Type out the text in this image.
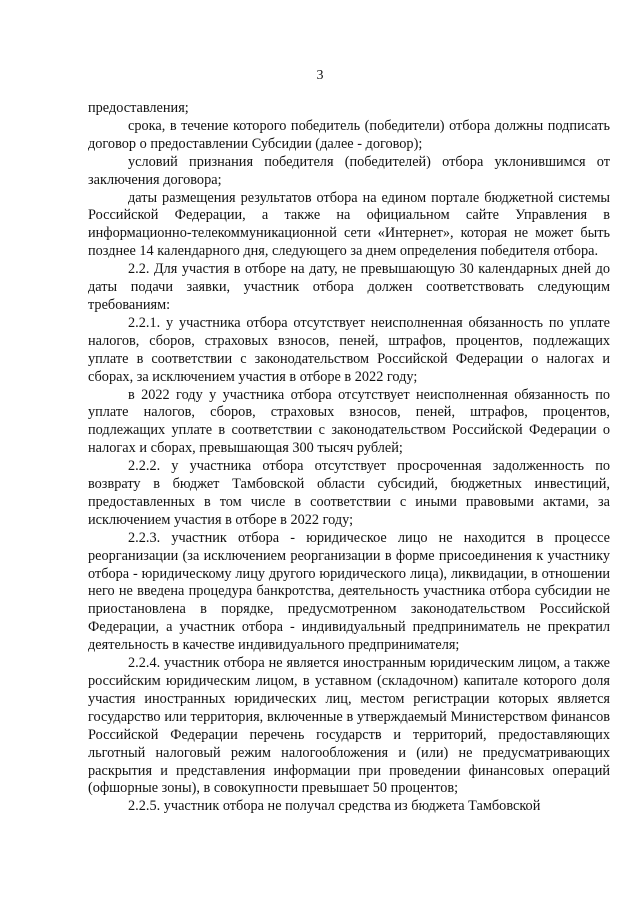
3

предоставления;

срока, в течение которого победитель (победители) отбора должны подписать договор о предоставлении Субсидии (далее - договор);

условий признания победителя (победителей) отбора уклонившимся от заключения договора;

даты размещения результатов отбора на едином портале бюджетной системы Российской Федерации, а также на официальном сайте Управления в информационно-телекоммуникационной сети «Интернет», которая не может быть позднее 14 календарного дня, следующего за днем определения победителя отбора.

2.2. Для участия в отборе на дату, не превышающую 30 календарных дней до даты подачи заявки, участник отбора должен соответствовать следующим требованиям:

2.2.1. у участника отбора отсутствует неисполненная обязанность по уплате налогов, сборов, страховых взносов, пеней, штрафов, процентов, подлежащих уплате в соответствии с законодательством Российской Федерации о налогах и сборах, за исключением участия в отборе в 2022 году;

в 2022 году у участника отбора отсутствует неисполненная обязанность по уплате налогов, сборов, страховых взносов, пеней, штрафов, процентов, подлежащих уплате в соответствии с законодательством Российской Федерации о налогах и сборах, превышающая 300 тысяч рублей;

2.2.2. у участника отбора отсутствует просроченная задолженность по возврату в бюджет Тамбовской области субсидий, бюджетных инвестиций, предоставленных в том числе в соответствии с иными правовыми актами, за исключением участия в отборе в 2022 году;

2.2.3. участник отбора - юридическое лицо не находится в процессе реорганизации (за исключением реорганизации в форме присоединения к участнику отбора - юридическому лицу другого юридического лица), ликвидации, в отношении него не введена процедура банкротства, деятельность участника отбора субсидии не приостановлена в порядке, предусмотренном законодательством Российской Федерации, а участник отбора - индивидуальный предприниматель не прекратил деятельность в качестве индивидуального предпринимателя;

2.2.4. участник отбора не является иностранным юридическим лицом, а также российским юридическим лицом, в уставном (складочном) капитале которого доля участия иностранных юридических лиц, местом регистрации которых является государство или территория, включенные в утверждаемый Министерством финансов Российской Федерации перечень государств и территорий, предоставляющих льготный налоговый режим налогообложения и (или) не предусматривающих раскрытия и представления информации при проведении финансовых операций (офшорные зоны), в совокупности превышает 50 процентов;

2.2.5. участник отбора не получал средства из бюджета Тамбовской
